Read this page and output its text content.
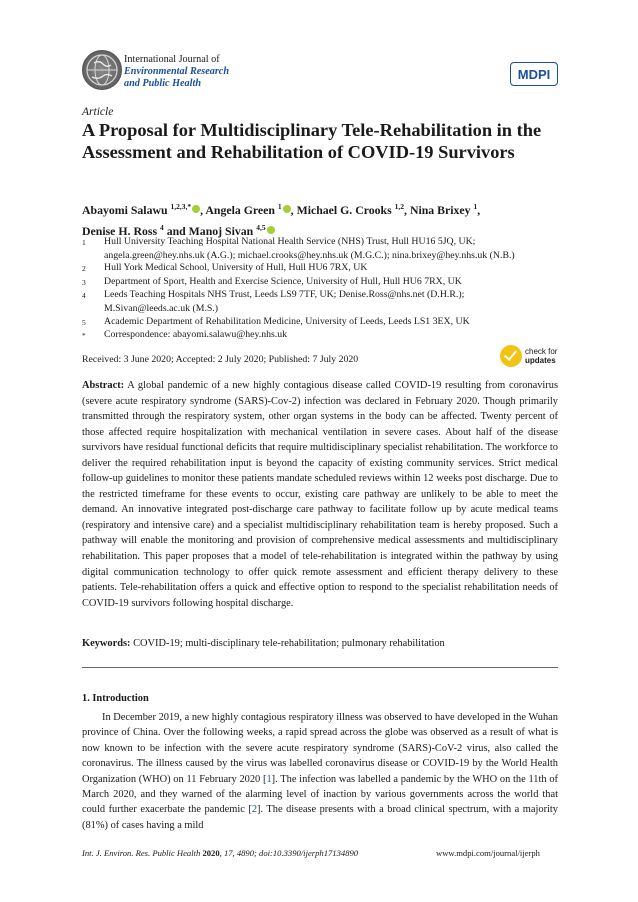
International Journal of
Environmental Research
and Public Health
MDPI
Article
A Proposal for Multidisciplinary Tele-Rehabilitation in the Assessment and Rehabilitation of COVID-19 Survivors
Abayomi Salawu $^{1,2,3,*}$ , Angela Green $^1$ , Michael G. Crooks $^{1,2}$, Nina Brixey $^1$,
Denise H. Ross $^4$ and Manoj Sivan $^{4,5}$
1	Hull University Teaching Hospital National Health Service (NHS) Trust, Hull HU16 5JQ, UK;
angela.green@hey.nhs.uk (A.G.); michael.crooks@hey.nhs.uk (M.G.C.); nina.brixey@hey.nhs.uk (N.B.)
2	Hull York Medical School, University of Hull, Hull HU6 7RX, UK
3	Department of Sport, Health and Exercise Science, University of Hull, Hull HU6 7RX, UK
4	Leeds Teaching Hospitals NHS Trust, Leeds LS9 7TF, UK; Denise.Ross@nhs.net (D.H.R.);
M.Sivan@leeds.ac.uk (M.S.)
5	Academic Department of Rehabilitation Medicine, University of Leeds, Leeds LS1 3EX, UK
*	Correspondence: abayomi.salawu@hey.nhs.uk
Received: 3 June 2020; Accepted: 2 July 2020; Published: 7 July 2020
check for
updates
Abstract: A global pandemic of a new highly contagious disease called COVID-19 resulting from coronavirus (severe acute respiratory syndrome (SARS)-Cov-2) infection was declared in February 2020. Though primarily transmitted through the respiratory system, other organ systems in the body can be affected. Twenty percent of those affected require hospitalization with mechanical ventilation in severe cases. About half of the disease survivors have residual functional deficits that require multidisciplinary specialist rehabilitation. The workforce to deliver the required rehabilitation input is beyond the capacity of existing community services. Strict medical follow-up guidelines to monitor these patients mandate scheduled reviews within 12 weeks post discharge. Due to the restricted timeframe for these events to occur, existing care pathway are unlikely to be able to meet the demand. An innovative integrated post-discharge care pathway to facilitate follow up by acute medical teams (respiratory and intensive care) and a specialist multidisciplinary rehabilitation team is hereby proposed. Such a pathway will enable the monitoring and provision of comprehensive medical assessments and multidisciplinary rehabilitation. This paper proposes that a model of tele-rehabilitation is integrated within the pathway by using digital communication technology to offer quick remote assessment and efficient therapy delivery to these patients. Tele-rehabilitation offers a quick and effective option to respond to the specialist rehabilitation needs of COVID-19 survivors following hospital discharge.
Keywords: COVID-19; multi-disciplinary tele-rehabilitation; pulmonary rehabilitation
1. Introduction
In December 2019, a new highly contagious respiratory illness was observed to have developed in the Wuhan province of China. Over the following weeks, a rapid spread across the globe was observed as a result of what is now known to be infection with the severe acute respiratory syndrome (SARS)-CoV-2 virus, also called the coronavirus. The illness caused by the virus was labelled coronavirus disease or COVID-19 by the World Health Organization (WHO) on 11 February 2020 [1]. The infection was labelled a pandemic by the WHO on the 11th of March 2020, and they warned of the alarming level of inaction by various governments across the world that could further exacerbate the pandemic [2]. The disease presents with a broad clinical spectrum, with a majority (81%) of cases having a mild
Int. J. Environ. Res. Public Health 2020, 17, 4890; doi:10.3390/ijerph17134890	www.mdpi.com/journal/ijerph
